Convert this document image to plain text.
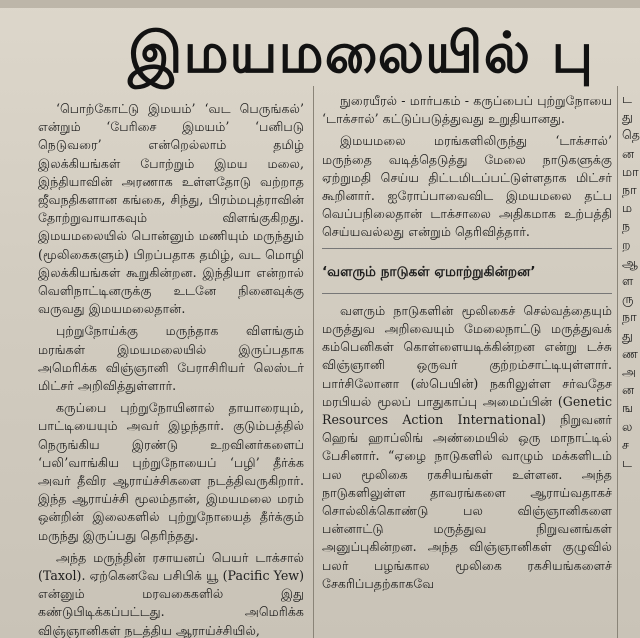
இமயமலையில் பு

‘பொற்கோட்டு இமயம்’ ‘வட பெருங்கல்’ என்றும் ‘பேரிசை இமயம்’ ‘பனிபடு நெடுவரை’ என்றெல்லாம் தமிழ் இலக்கியங்கள் போற்றும் இமய மலை, இந்தியாவின் அரணாக உள்ளதோடு வற்றாத ஜீவநதிகளான கங்கை, சிந்து, பிரம்மபுத்ராவின் தோற்றுவாயாகவும் விளங்குகிறது. இமயமலையில் பொன்னும் மணியும் மருந்தும் (மூலிகைகளும்) பிறப்பதாக தமிழ், வட மொழி இலக்கியங்கள் கூறுகின்றன. இந்தியா என்றால் வெளிநாட்டினருக்கு உடனே நினைவுக்கு வருவது இமயமலைதான்.

புற்றுநோய்க்கு மருந்தாக விளங்கும் மரங்கள் இமயமலையில் இருப்பதாக அமெரிக்க விஞ்ஞானி பேராசிரியர் லெஸ்டர் மிட்சர் அறிவித்துள்ளார்.

கருப்பை புற்றுநோயினால் தாயாரையும், பாட்டியையும் அவர் இழந்தார். குடும்பத்தில் நெருங்கிய இரண்டு உறவினர்களைப் ‘பலி’வாங்கிய புற்றுநோயைப் ‘பழி’ தீர்க்க அவர் தீவிர ஆராய்ச்சிகளை நடத்திவருகிறார். இந்த ஆராய்ச்சி மூலம்தான், இமயமலை மரம் ஒன்றின் இலைகளில் புற்றுநோயைத் தீர்க்கும் மருந்து இருப்பது தெரிந்தது.

அந்த மருந்தின் ரசாயனப் பெயர் டாக்சால் (Taxol). ஏற்கெனவே பசிபிக் யூ (Pacific Yew) என்னும் மரவகைகளில் இது கண்டுபிடிக்கப்பட்டது. அமெரிக்க விஞ்ஞானிகள் நடத்திய ஆராய்ச்சியில்,

நுரையீரல் - மார்பகம் - கருப்பைப் புற்றுநோயை ‘டாக்சால்’ கட்டுப்படுத்துவது உறுதியானது.

இமயமலை மரங்களிலிருந்து ‘டாக்சால்’ மருந்தை வடித்தெடுத்து மேலை நாடுகளுக்கு ஏற்றுமதி செய்ய திட்டமிடப்பட்டுள்ளதாக மிட்சர் கூறினார். ஐரோப்பாவைவிட இமயமலை தட்ப வெப்பநிலைதான் டாக்சாலை அதிகமாக உற்பத்தி செய்யவல்லது என்றும் தெரிவித்தார்.

‘வளரும் நாடுகள் ஏமாற்றுகின்றன’

வளரும் நாடுகளின் மூலிகைச் செல்வத்தையும் மருத்துவ அறிவையும் மேலைநாட்டு மருத்துவக் கம்பெனிகள் கொள்ளையடிக்கின்றன என்று டச்சு விஞ்ஞானி ஒருவர் குற்றம்சாட்டியுள்ளார். பார்சிலோனா (ஸ்பெயின்) நகரிலுள்ள சர்வதேச மரபியல் மூலப் பாதுகாப்பு அமைப்பின் (Genetic Resources Action International) நிறுவனர் ஹெங் ஹாப்லிங் அண்மையில் ஒரு மாநாட்டில் பேசினார். “ஏழை நாடுகளில் வாழும் மக்களிடம் பல மூலிகை ரகசியங்கள் உள்ளன. அந்த நாடுகளிலுள்ள தாவரங்களை ஆராய்வதாகச் சொல்லிக்கொண்டு பல விஞ்ஞானிகளை பன்னாட்டு மருத்துவ நிறுவனங்கள் அனுப்புகின்றன. அந்த விஞ்ஞானிகள் குழுவில் பலர் பழங்கால மூலிகை ரகசியங்களைச் சேகரிப்பதற்காகவே

ட
து
தெ
ன
மா
நா
ம
ந
ற
ஆ
ள
ரு
நா
து
ண
அ
ன
ங
ல
ச
ட
